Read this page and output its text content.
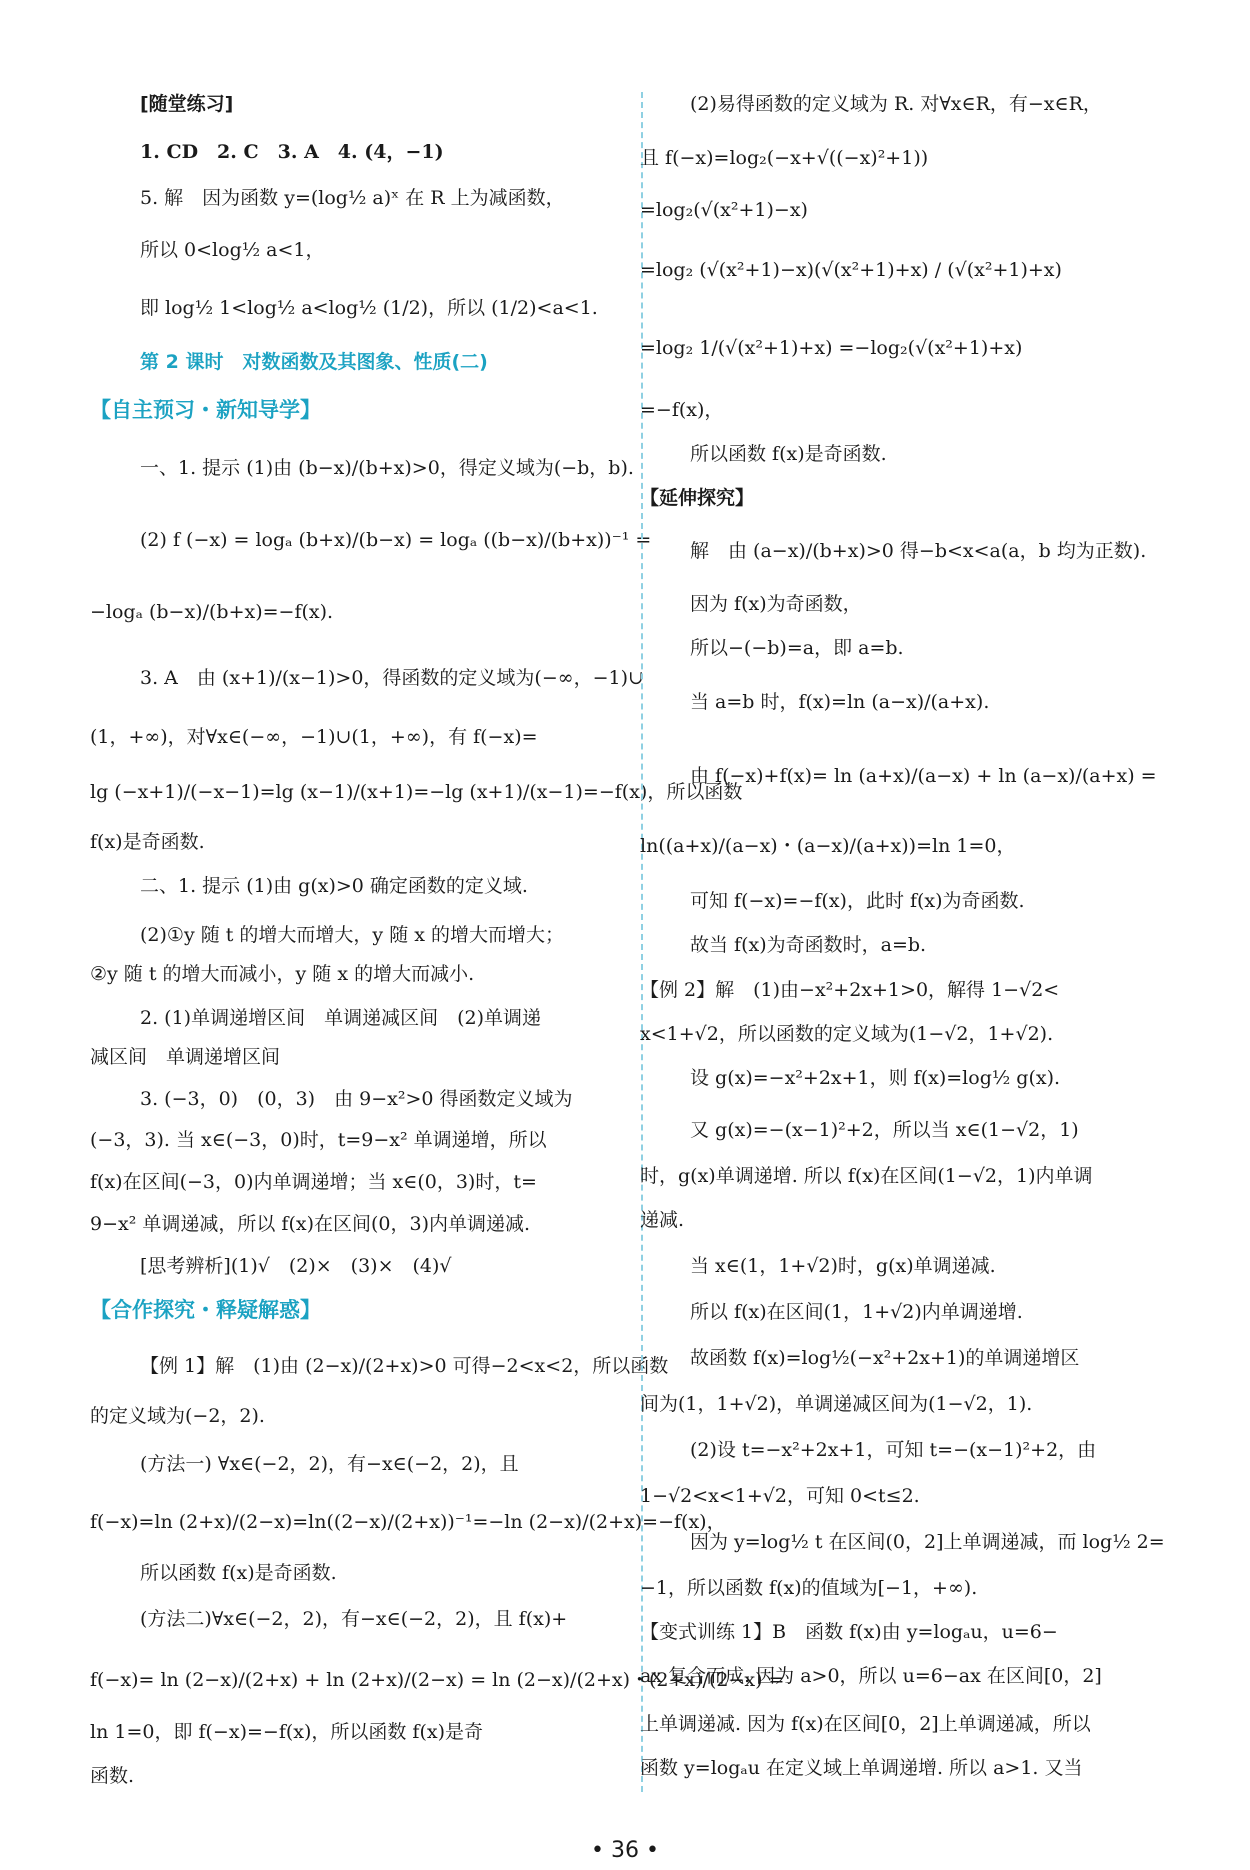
[随堂练习]
1. CD　2. C　3. A　4. (4，−1)
5. 解　因为函数 y=(log½ a)ˣ 在 R 上为减函数，
所以 0<log½ a<1，
即 log½ 1<log½ a<log½ (1/2)，所以 (1/2)<a<1.
第 2 课时　对数函数及其图象、性质(二)
【自主预习・新知导学】
一、1. 提示 (1)由 (b−x)/(b+x)>0，得定义域为(−b，b).
(2) f (−x) = logₐ (b+x)/(b−x) = logₐ ((b−x)/(b+x))⁻¹ =
−logₐ (b−x)/(b+x)=−f(x).
3. A　由 (x+1)/(x−1)>0，得函数的定义域为(−∞，−1)∪
(1，+∞)，对∀x∈(−∞，−1)∪(1，+∞)，有 f(−x)=
lg (−x+1)/(−x−1)=lg (x−1)/(x+1)=−lg (x+1)/(x−1)=−f(x)，所以函数
f(x)是奇函数.
二、1. 提示 (1)由 g(x)>0 确定函数的定义域.
(2)①y 随 t 的增大而增大，y 随 x 的增大而增大；
②y 随 t 的增大而减小，y 随 x 的增大而减小.
2. (1)单调递增区间　单调递减区间　(2)单调递
减区间　单调递增区间
3. (−3，0)　(0，3)　由 9−x²>0 得函数定义域为
(−3，3). 当 x∈(−3，0)时，t=9−x² 单调递增，所以
f(x)在区间(−3，0)内单调递增；当 x∈(0，3)时，t=
9−x² 单调递减，所以 f(x)在区间(0，3)内单调递减.
[思考辨析](1)√　(2)×　(3)×　(4)√
【合作探究・释疑解惑】
【例 1】解　(1)由 (2−x)/(2+x)>0 可得−2<x<2，所以函数
的定义域为(−2，2).
(方法一) ∀x∈(−2，2)，有−x∈(−2，2)，且
f(−x)=ln (2+x)/(2−x)=ln((2−x)/(2+x))⁻¹=−ln (2−x)/(2+x)=−f(x)，
所以函数 f(x)是奇函数.
(方法二)∀x∈(−2，2)，有−x∈(−2，2)，且 f(x)+
f(−x)= ln (2−x)/(2+x) + ln (2+x)/(2−x) = ln (2−x)/(2+x)・(2+x)/(2−x) =
ln 1=0，即 f(−x)=−f(x)，所以函数 f(x)是奇
函数.
(2)易得函数的定义域为 R. 对∀x∈R，有−x∈R，
且 f(−x)=log₂(−x+√((−x)²+1))
=log₂(√(x²+1)−x)
=log₂ (√(x²+1)−x)(√(x²+1)+x) / (√(x²+1)+x)
=log₂ 1/(√(x²+1)+x) =−log₂(√(x²+1)+x)
=−f(x)，
所以函数 f(x)是奇函数.
【延伸探究】
解　由 (a−x)/(b+x)>0 得−b<x<a(a，b 均为正数).
因为 f(x)为奇函数，
所以−(−b)=a，即 a=b.
当 a=b 时，f(x)=ln (a−x)/(a+x).
由 f(−x)+f(x)= ln (a+x)/(a−x) + ln (a−x)/(a+x) =
ln((a+x)/(a−x)・(a−x)/(a+x))=ln 1=0，
可知 f(−x)=−f(x)，此时 f(x)为奇函数.
故当 f(x)为奇函数时，a=b.
【例 2】解　(1)由−x²+2x+1>0，解得 1−√2<
x<1+√2，所以函数的定义域为(1−√2，1+√2).
设 g(x)=−x²+2x+1，则 f(x)=log½ g(x).
又 g(x)=−(x−1)²+2，所以当 x∈(1−√2，1)
时，g(x)单调递增. 所以 f(x)在区间(1−√2，1)内单调
递减.
当 x∈(1，1+√2)时，g(x)单调递减.
所以 f(x)在区间(1，1+√2)内单调递增.
故函数 f(x)=log½(−x²+2x+1)的单调递增区
间为(1，1+√2)，单调递减区间为(1−√2，1).
(2)设 t=−x²+2x+1，可知 t=−(x−1)²+2，由
1−√2<x<1+√2，可知 0<t≤2.
因为 y=log½ t 在区间(0，2]上单调递减，而 log½ 2=
−1，所以函数 f(x)的值域为[−1，+∞).
【变式训练 1】B　函数 f(x)由 y=logₐu，u=6−
ax 复合而成. 因为 a>0，所以 u=6−ax 在区间[0，2]
上单调递减. 因为 f(x)在区间[0，2]上单调递减，所以
函数 y=logₐu 在定义域上单调递增. 所以 a>1. 又当
• 36 •
